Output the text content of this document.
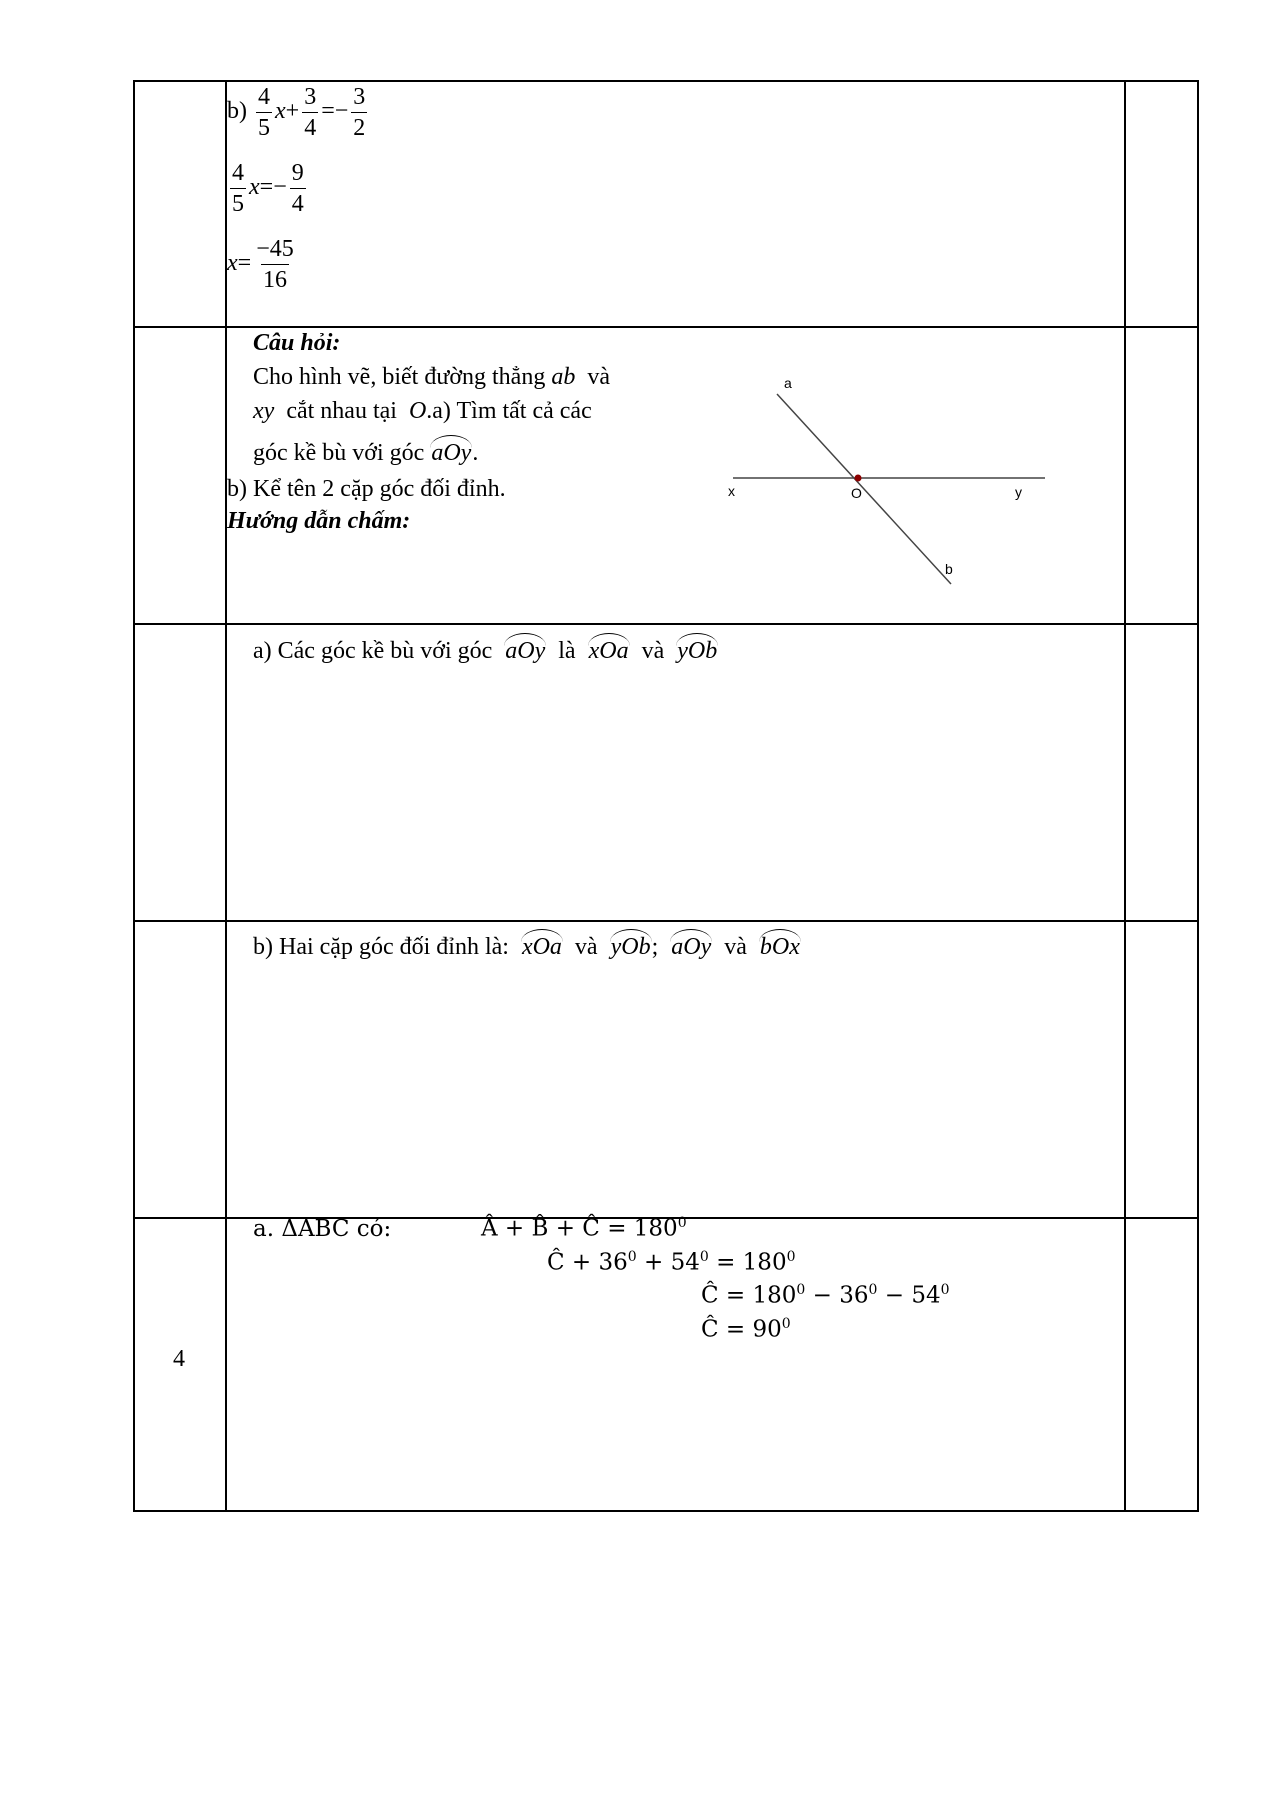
$b) \frac{4}{5} x+ \frac{3}{4} =- \frac{3}{2}$
$\frac{4}{5} x=- \frac{9}{4}$
$x= \frac{-45}{16}$
Câu hỏi:
Cho hình vẽ, biết đường thẳng ab và
xy cắt nhau tại O.a) Tìm tất cả các
góc kề bù với góc aOy.
b) Kể tên 2 cặp góc đối đỉnh.
Hướng dẫn chấm:
a
x	O	y
b
a) Các góc kề bù với góc aOy là xOa và yOb
b) Hai cặp góc đối đỉnh là: xOa và yOb; aOy và bOx
4
a. ΔABC có:	Â + B̂ + Ĉ = $180^0$
Ĉ + $36^0 + 54^0 = 180^0$
Ĉ = $180^0 - 36^0 - 54^0$
Ĉ = $90^0$
